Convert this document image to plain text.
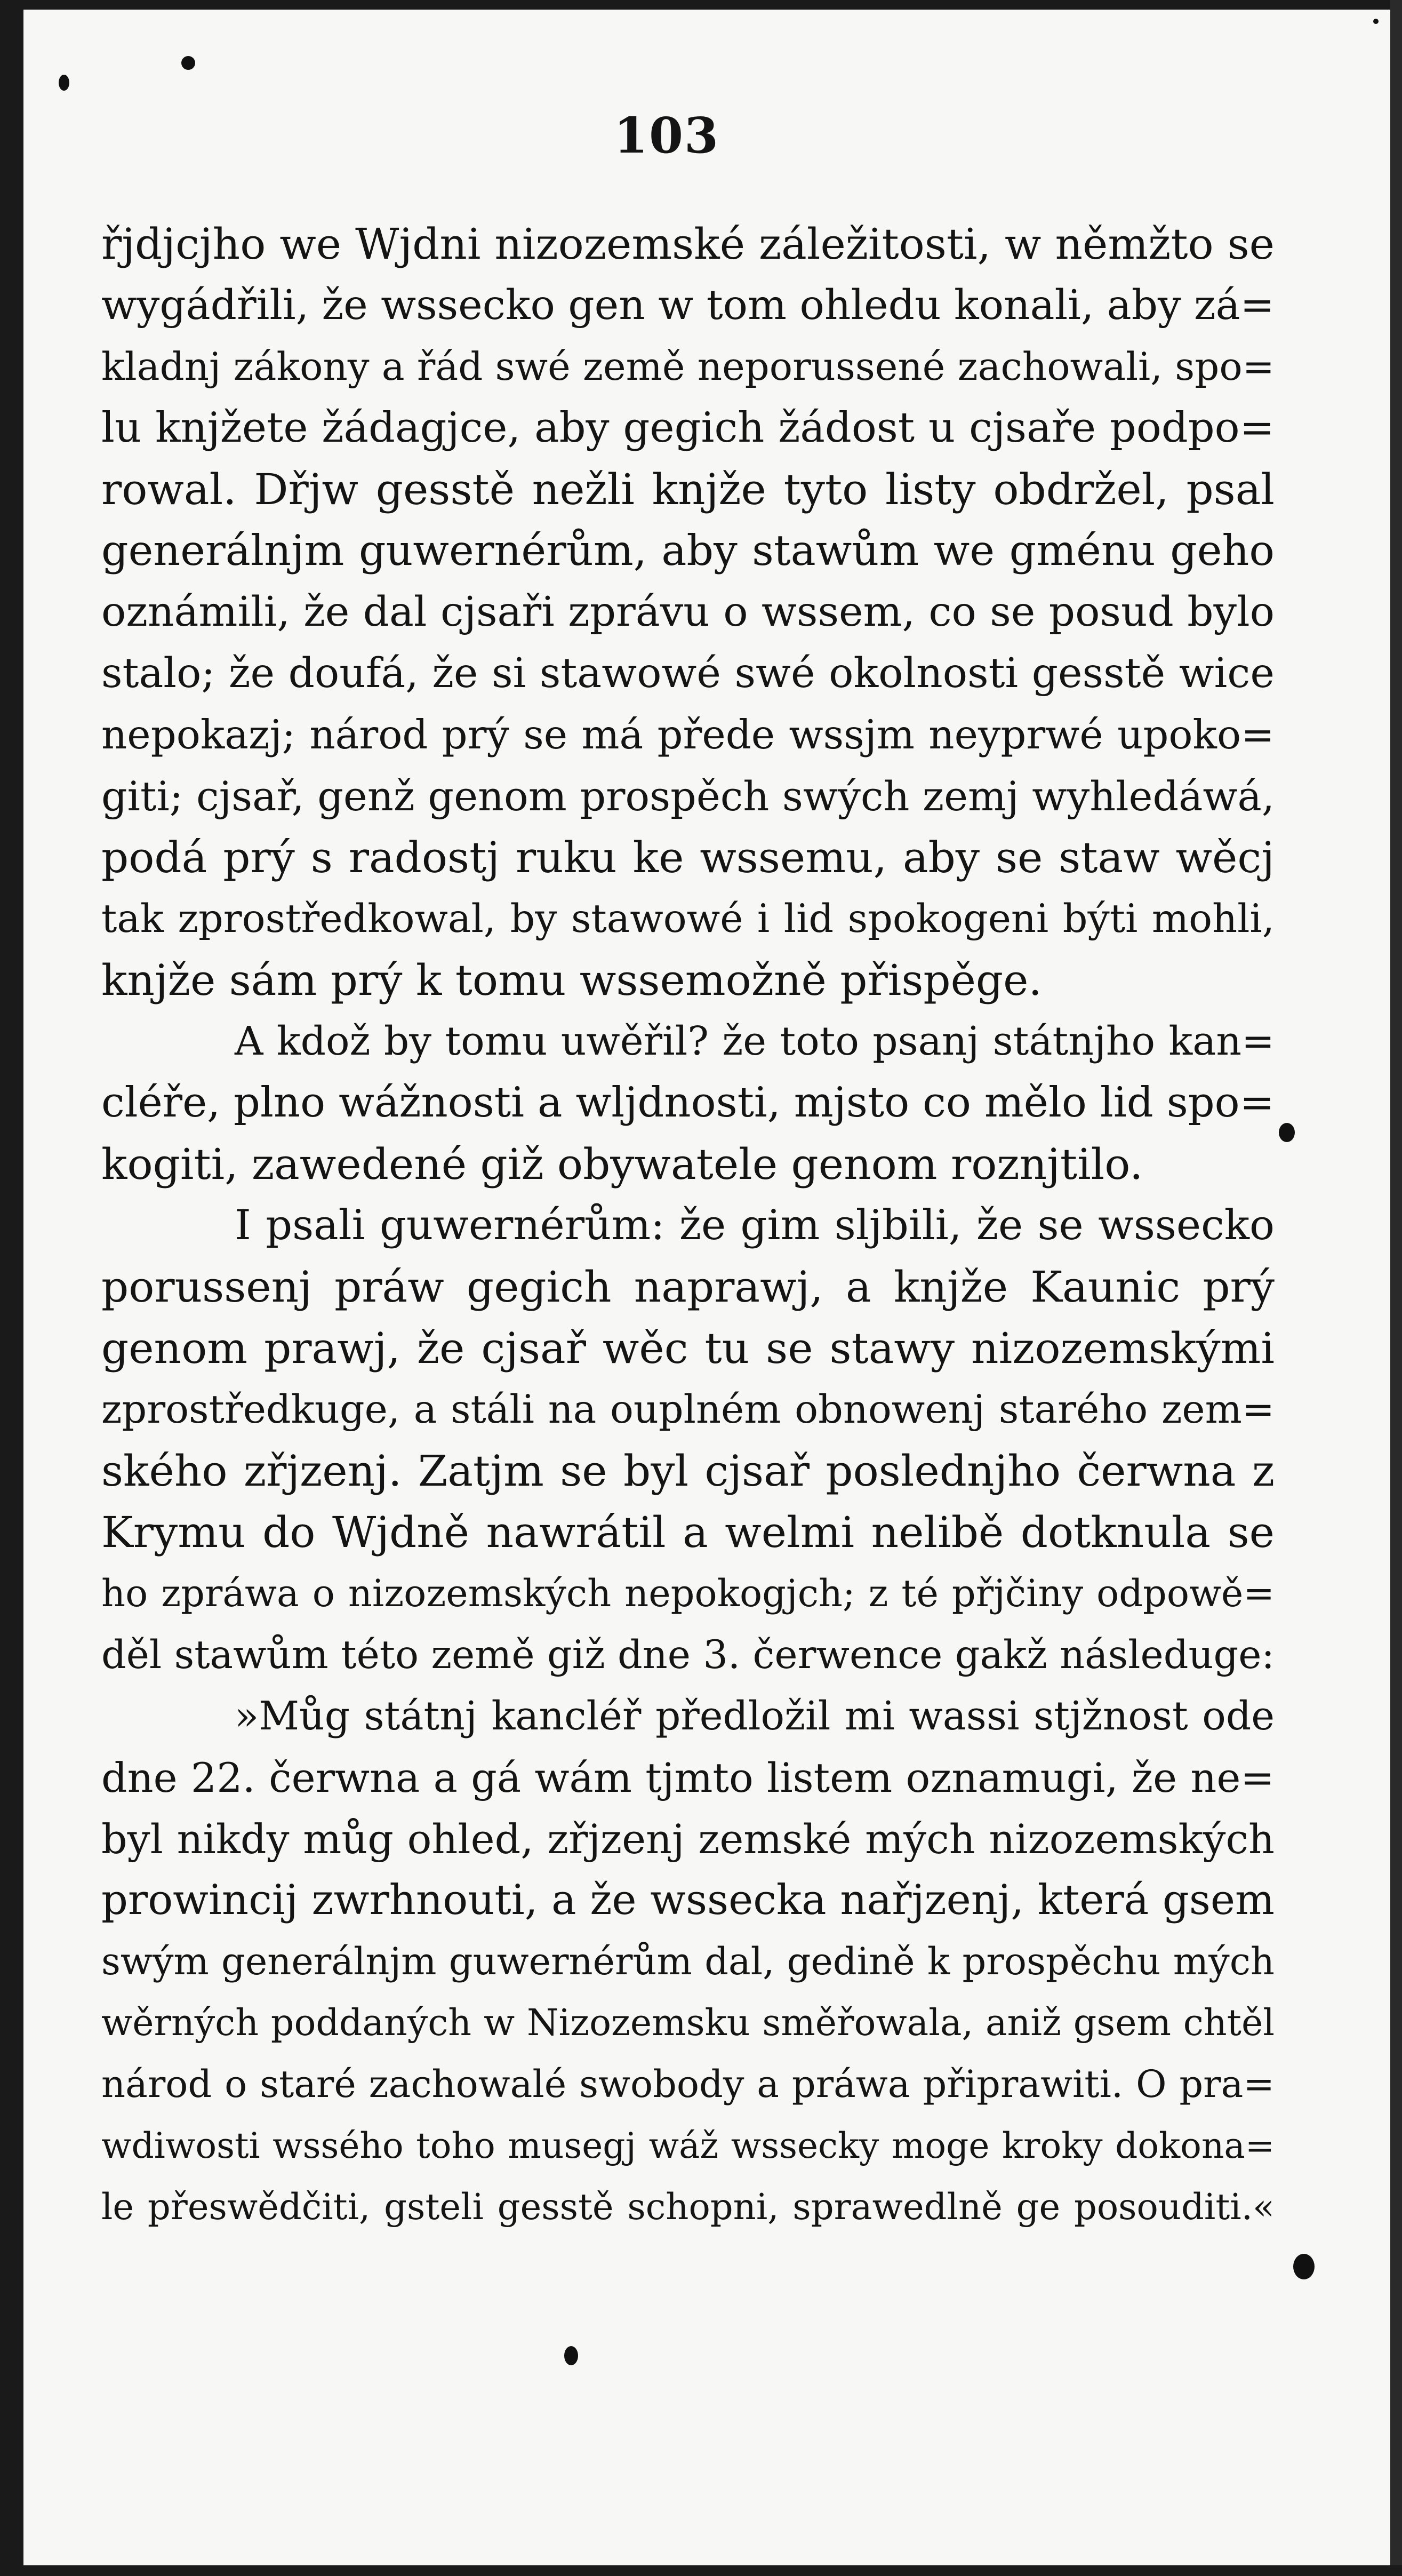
103
řjdjcjho we Wjdni nizozemské záležitosti, w němžto se
wygádřili, že wssecko gen w tom ohledu konali, aby zá=
kladnj zákony a řád swé země neporussené zachowali, spo=
lu knjžete žádagjce, aby gegich žádost u cjsaře podpo=
rowal. Dřjw gesstě nežli knjže tyto listy obdržel, psal
generálnjm guwernérům, aby stawům we gménu geho
oznámili, že dal cjsaři zprávu o wssem, co se posud bylo
stalo; že doufá, že si stawowé swé okolnosti gesstě wice
nepokazj; národ prý se má přede wssjm neyprwé upoko=
giti; cjsař, genž genom prospěch swých zemj wyhledáwá,
podá prý s radostj ruku ke wssemu, aby se staw wěcj
tak zprostředkowal, by stawowé i lid spokogeni býti mohli,
knjže sám prý k tomu wssemožně přispěge.
A kdož by tomu uwěřil? že toto psanj státnjho kan=
cléře, plno wážnosti a wljdnosti, mjsto co mělo lid spo=
kogiti, zawedené giž obywatele genom roznjtilo.
I psali guwernérům: že gim sljbili, že se wssecko
porussenj práw gegich naprawj, a knjže Kaunic prý
genom prawj, že cjsař wěc tu se stawy nizozemskými
zprostředkuge, a stáli na ouplném obnowenj starého zem=
ského zřjzenj. Zatjm se byl cjsař poslednjho čerwna z
Krymu do Wjdně nawrátil a welmi nelibě dotknula se
ho zpráwa o nizozemských nepokogjch; z té přjčiny odpowě=
děl stawům této země giž dne 3. čerwence gakž následuge:
»Můg státnj kancléř předložil mi wassi stjžnost ode
dne 22. čerwna a gá wám tjmto listem oznamugi, že ne=
byl nikdy můg ohled, zřjzenj zemské mých nizozemských
prowincij zwrhnouti, a že wssecka nařjzenj, která gsem
swým generálnjm guwernérům dal, gedině k prospěchu mých
wěrných poddaných w Nizozemsku směřowala, aniž gsem chtěl
národ o staré zachowalé swobody a práwa připrawiti. O pra=
wdiwosti wssého toho musegj wáž wssecky moge kroky dokona=
le přeswědčiti, gsteli gesstě schopni, sprawedlně ge posouditi.«
